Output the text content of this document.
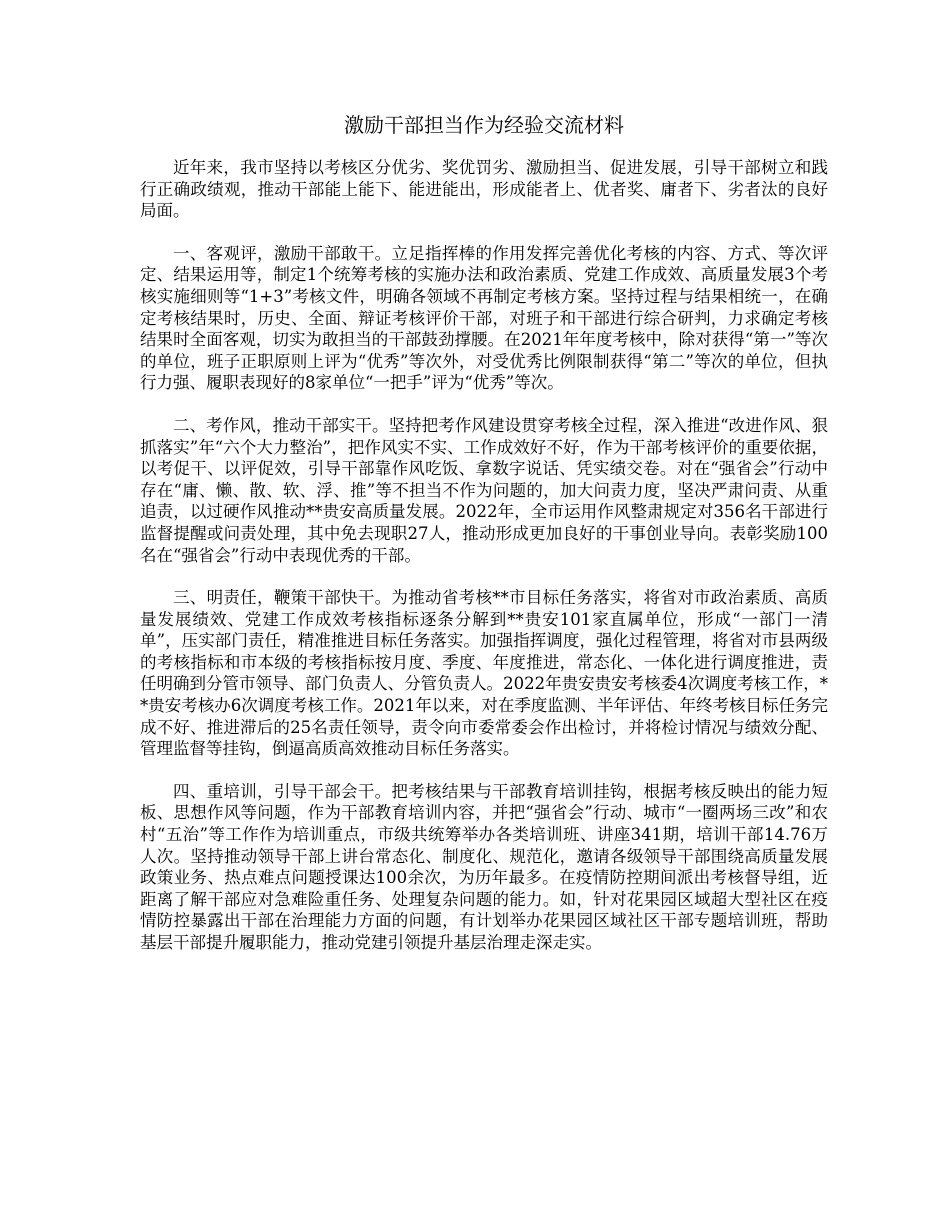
激励干部担当作为经验交流材料

近年来，我市坚持以考核区分优劣、奖优罚劣、激励担当、促进发展，引导干部树立和践行正确政绩观，推动干部能上能下、能进能出，形成能者上、优者奖、庸者下、劣者汰的良好局面。

一、客观评，激励干部敢干。立足指挥棒的作用发挥完善优化考核的内容、方式、等次评定、结果运用等，制定1个统筹考核的实施办法和政治素质、党建工作成效、高质量发展3个考核实施细则等“1+3”考核文件，明确各领域不再制定考核方案。坚持过程与结果相统一，在确定考核结果时，历史、全面、辩证考核评价干部，对班子和干部进行综合研判，力求确定考核结果时全面客观，切实为敢担当的干部鼓劲撑腰。在2021年年度考核中，除对获得“第一”等次的单位，班子正职原则上评为“优秀”等次外，对受优秀比例限制获得“第二”等次的单位，但执行力强、履职表现好的8家单位“一把手”评为“优秀”等次。

二、考作风，推动干部实干。坚持把考作风建设贯穿考核全过程，深入推进“改进作风、狠抓落实”年“六个大力整治”，把作风实不实、工作成效好不好，作为干部考核评价的重要依据，以考促干、以评促效，引导干部靠作风吃饭、拿数字说话、凭实绩交卷。对在“强省会”行动中存在“庸、懒、散、软、浮、推”等不担当不作为问题的，加大问责力度，坚决严肃问责、从重追责，以过硬作风推动**贵安高质量发展。2022年，全市运用作风整肃规定对356名干部进行监督提醒或问责处理，其中免去现职27人，推动形成更加良好的干事创业导向。表彰奖励100名在“强省会”行动中表现优秀的干部。

三、明责任，鞭策干部快干。为推动省考核**市目标任务落实，将省对市政治素质、高质量发展绩效、党建工作成效考核指标逐条分解到**贵安101家直属单位，形成“一部门一清单”，压实部门责任，精准推进目标任务落实。加强指挥调度，强化过程管理，将省对市县两级的考核指标和市本级的考核指标按月度、季度、年度推进，常态化、一体化进行调度推进，责任明确到分管市领导、部门负责人、分管负责人。2022年贵安贵安考核委4次调度考核工作，**贵安考核办6次调度考核工作。2021年以来，对在季度监测、半年评估、年终考核目标任务完成不好、推进滞后的25名责任领导，责令向市委常委会作出检讨，并将检讨情况与绩效分配、管理监督等挂钩，倒逼高质高效推动目标任务落实。

四、重培训，引导干部会干。把考核结果与干部教育培训挂钩，根据考核反映出的能力短板、思想作风等问题，作为干部教育培训内容，并把“强省会”行动、城市“一圈两场三改”和农村“五治”等工作作为培训重点，市级共统筹举办各类培训班、讲座341期，培训干部14.76万人次。坚持推动领导干部上讲台常态化、制度化、规范化，邀请各级领导干部围绕高质量发展政策业务、热点难点问题授课达100余次，为历年最多。在疫情防控期间派出考核督导组，近距离了解干部应对急难险重任务、处理复杂问题的能力。如，针对花果园区域超大型社区在疫情防控暴露出干部在治理能力方面的问题，有计划举办花果园区域社区干部专题培训班，帮助基层干部提升履职能力，推动党建引领提升基层治理走深走实。
